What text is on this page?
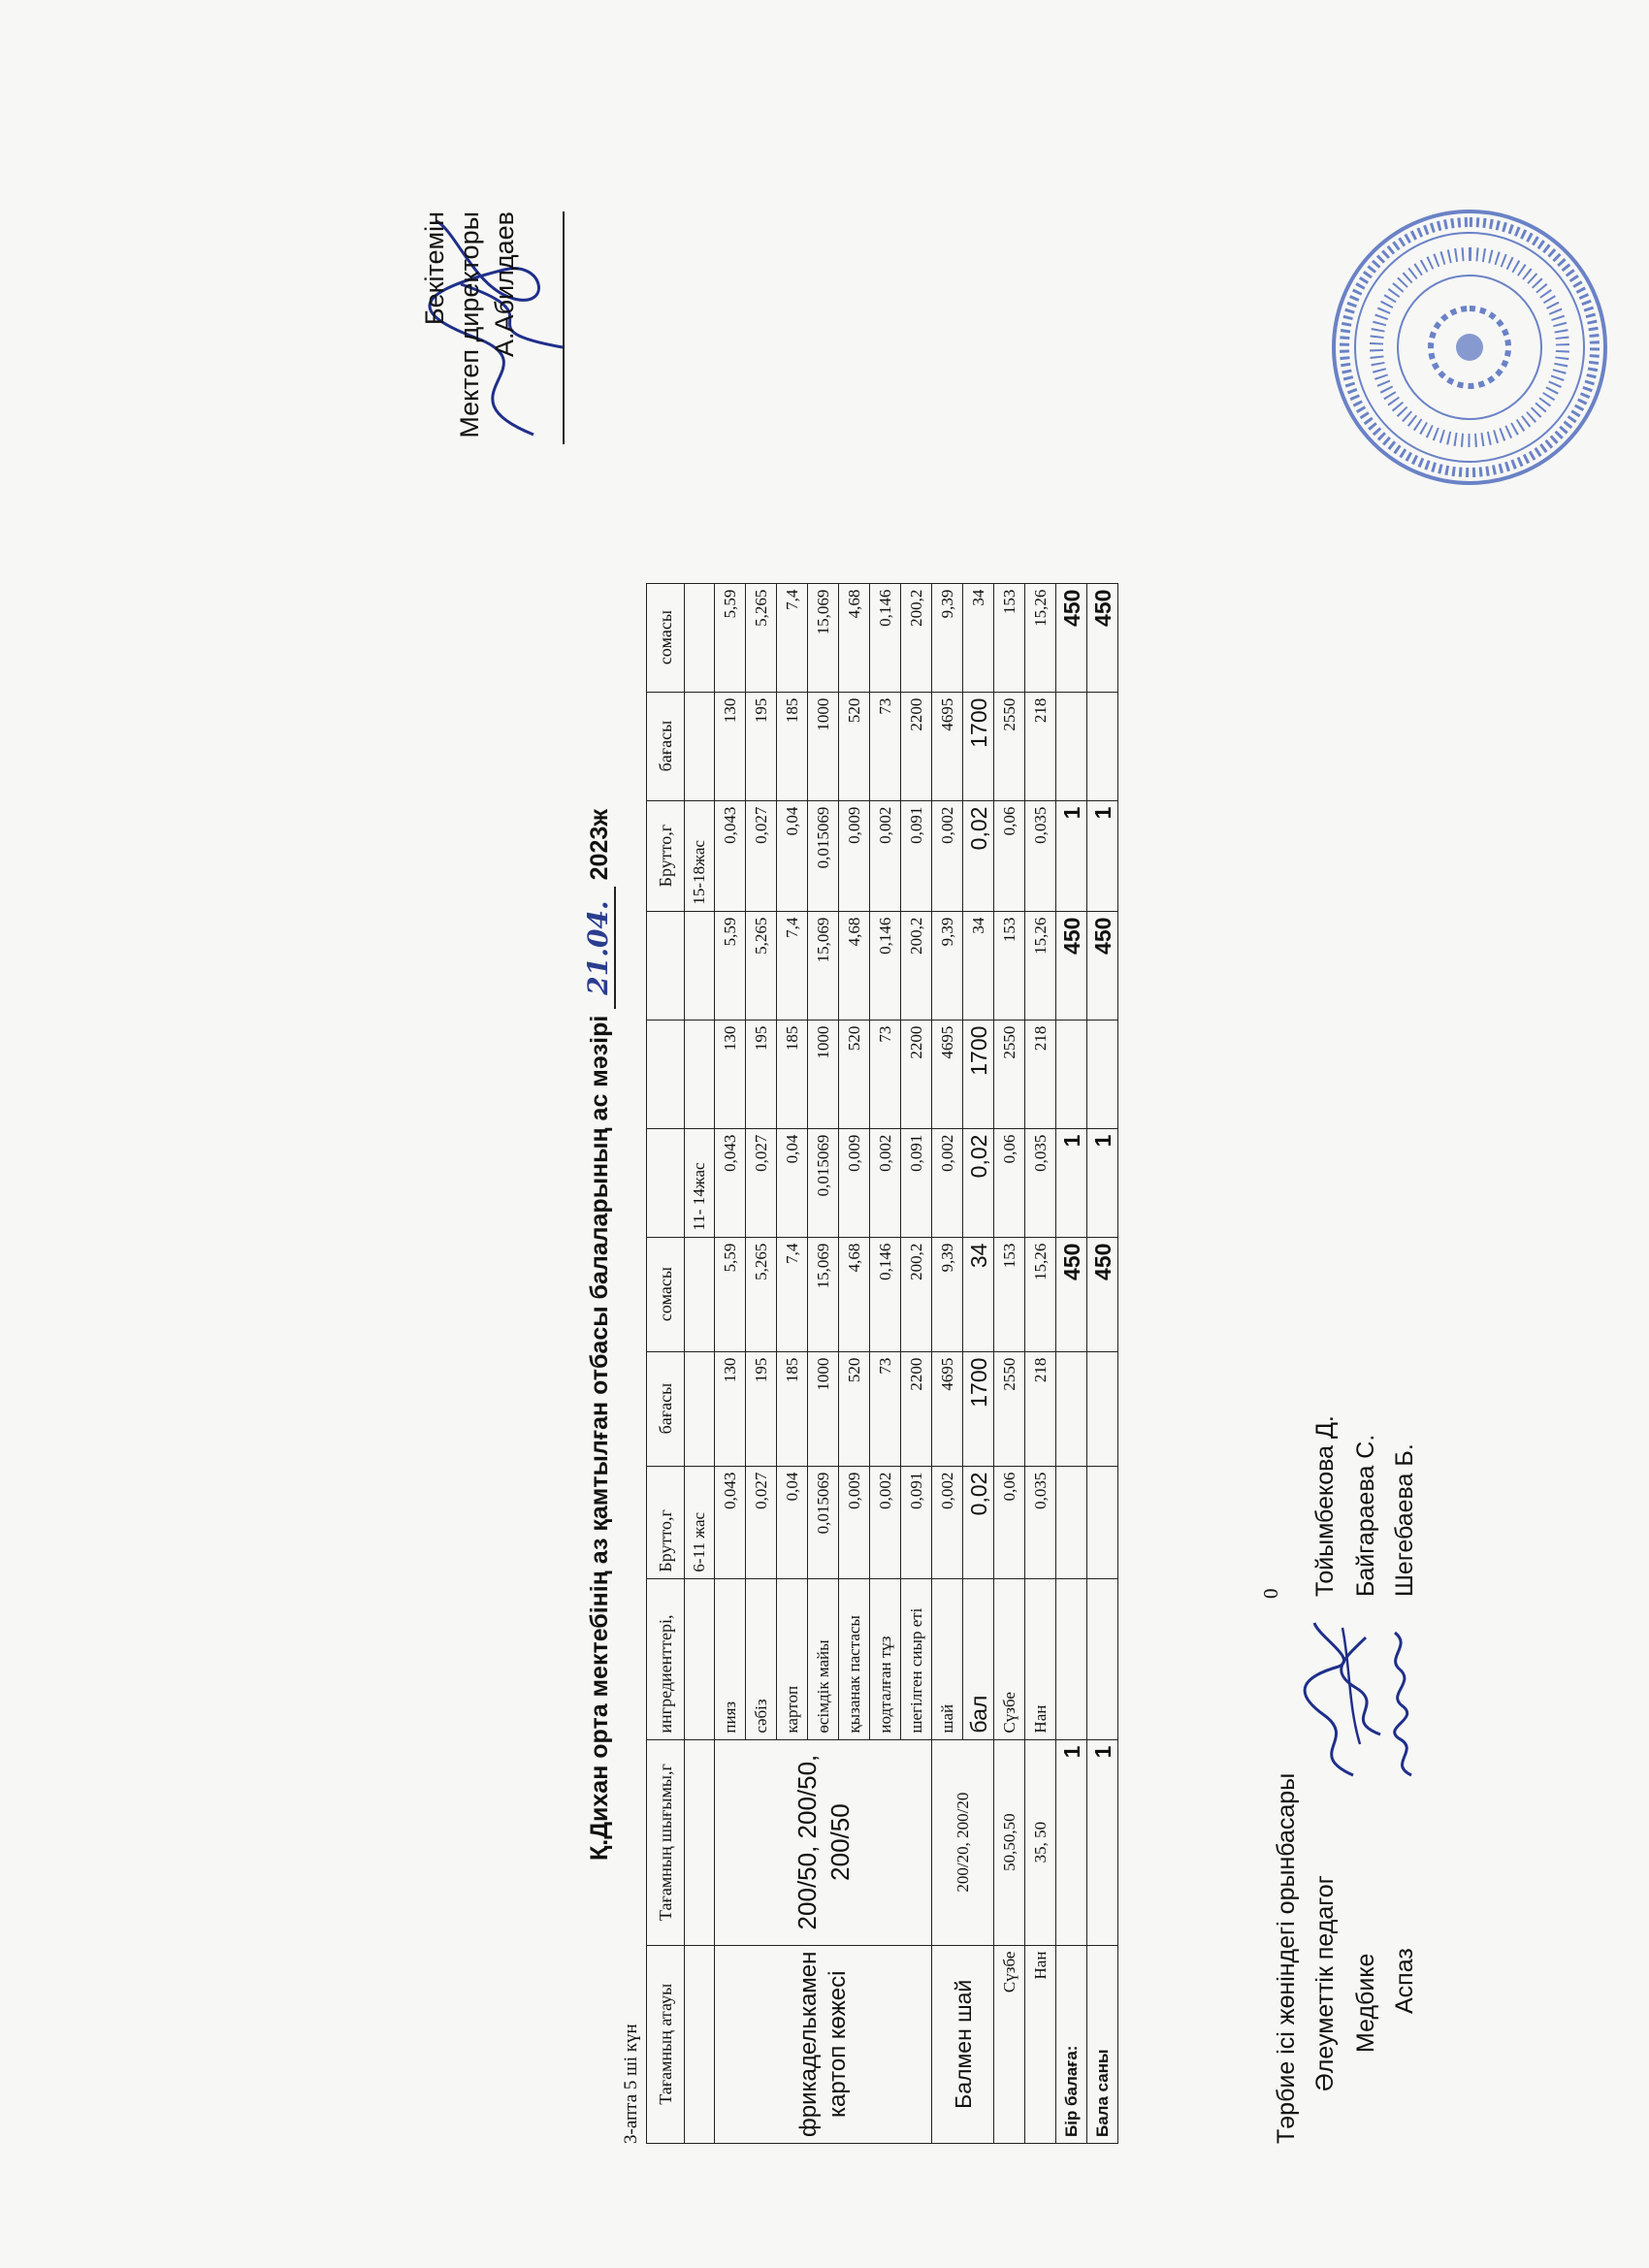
Бекітемін Мектеп директоры А.Абилдаев
Қ.Дихан орта мектебінің аз қамтылған отбасы балаларының ас мәзірі 21.04. 2023ж
3-апта 5 ші күн Тағамның атауы	Тағамның шығымы,г	ингредиенттері,	Брутто,г	бағасы	сомасы				Брутто,г	бағасы	сомасы
			6-11 жас			11- 14жас			15-18жас		
фрикаделькамен картоп көжесі	200/50, 200/50, 200/50	пияз	0,043	130	5,59	0,043	130	5,59	0,043	130	5,59
		сәбіз	0,027	195	5,265	0,027	195	5,265	0,027	195	5,265
		картоп	0,04	185	7,4	0,04	185	7,4	0,04	185	7,4
		өсімдік майы	0,015069	1000	15,069	0,015069	1000	15,069	0,015069	1000	15,069
		қызанак пастасы	0,009	520	4,68	0,009	520	4,68	0,009	520	4,68
		иодталған тұз	0,002	73	0,146	0,002	73	0,146	0,002	73	0,146
		шегілген сиыр еті	0,091	2200	200,2	0,091	2200	200,2	0,091	2200	200,2
Балмен шай	200/20, 200/20	шай	0,002	4695	9,39	0,002	4695	9,39	0,002	4695	9,39
		бал	0,02	1700	34	0,02	1700	34	0,02	1700	34
Сүзбе	50,50,50	Сүзбе	0,06	2550	153	0,06	2550	153	0,06	2550	153
Нан	35, 50	Нан	0,035	218	15,26	0,035	218	15,26	0,035	218	15,26
Бір балаға:	1				450	1		450	1		450
Бала саны	1				450	1		450	1		450
0
Тәрбие ісі жөніндегі орынбасары Әлеуметтік педагог
Тойымбекова Д.
Медбике
Байгараева С.
Аспаз
Шегебаева Б.
